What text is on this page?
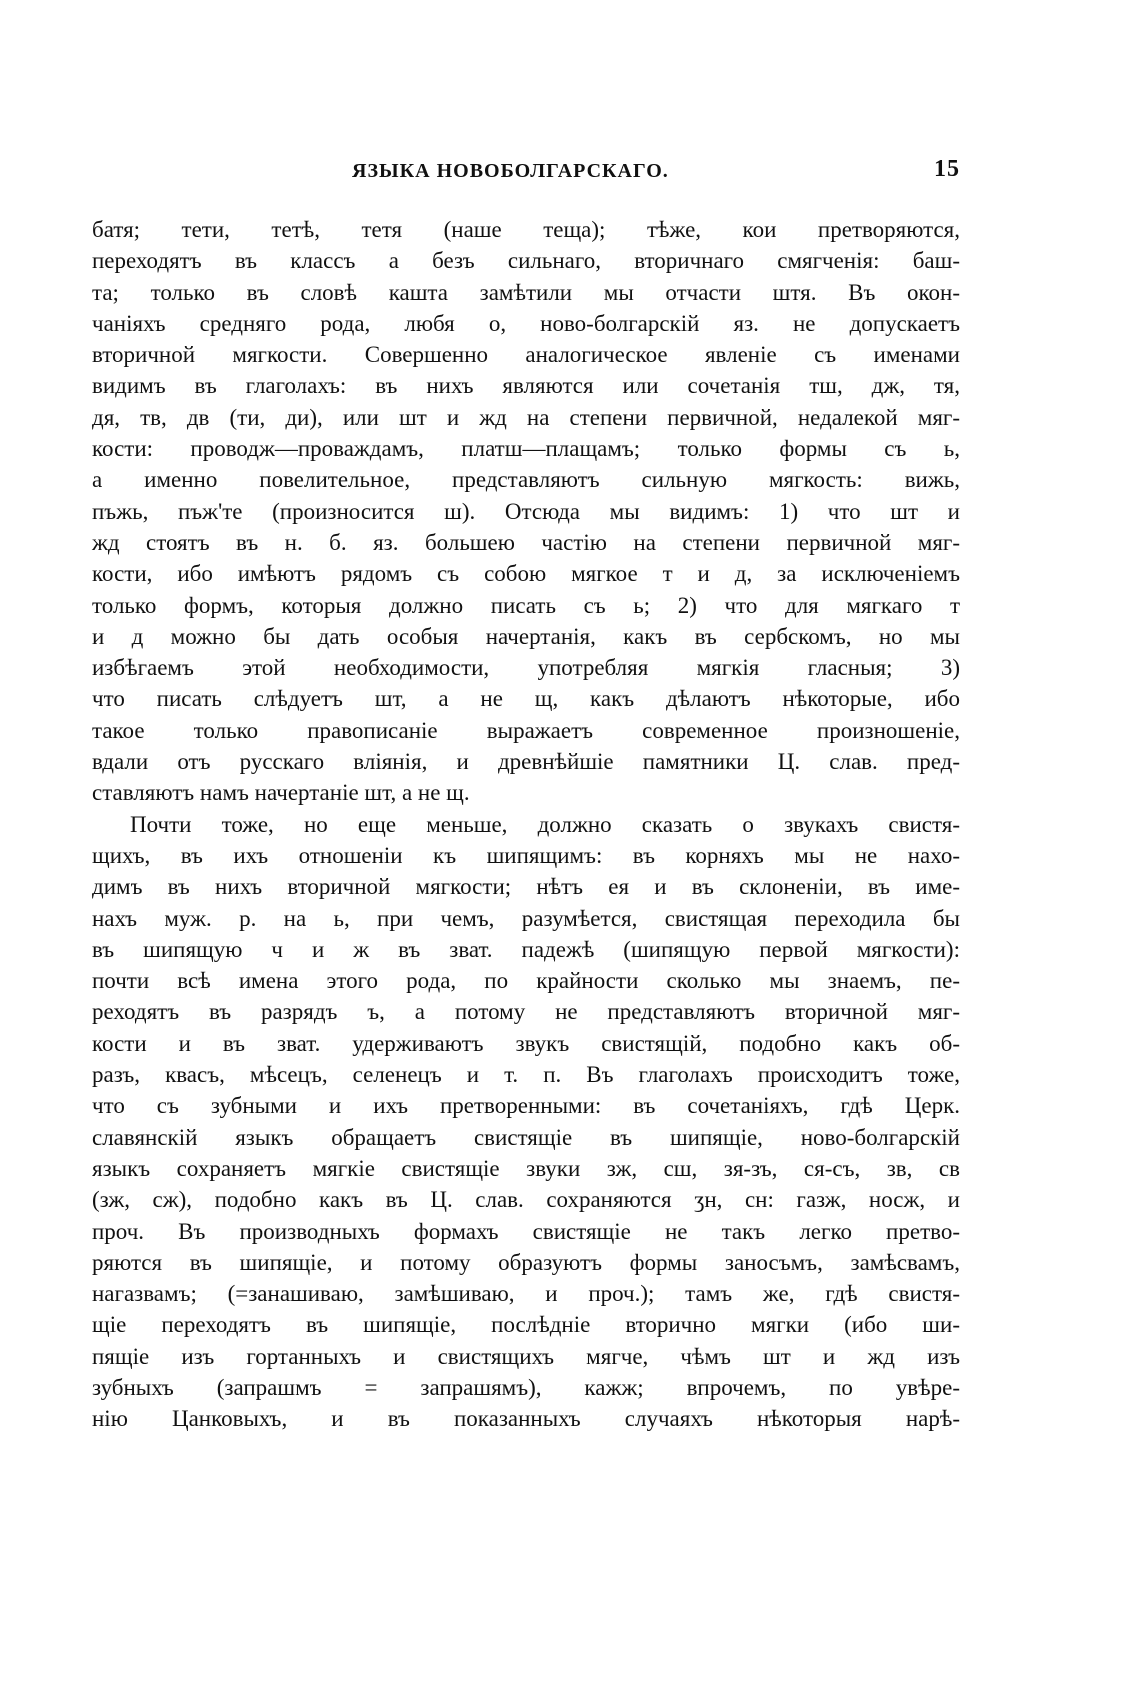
ЯЗЫКА НОВОБОЛГАРСКАГО.	15
батя; тети, тетѣ, тетя (наше теща); тѣже, кои претворяются,
переходятъ въ классъ а безъ сильнаго, вторичнаго смягченія: баш-
та; только въ словѣ кашта замѣтили мы отчасти штя. Въ окон-
чаніяхъ средняго рода, любя о, ново-болгарскій яз. не допускаетъ
вторичной мягкости. Совершенно аналогическое явленіе съ именами
видимъ въ глаголахъ: въ нихъ являются или сочетанія тш, дж, тя,
дя, тв, дв (ти, ди), или шт и жд на степени первичной, недалекой мяг-
кости: проводж—проваждамъ, платш—плащамъ; только формы съ ь,
а именно повелительное, представляютъ сильную мягкость: вижь,
пъжь, пъж'те (произносится ш). Отсюда мы видимъ: 1) что шт и
жд стоятъ въ н. б. яз. большею частію на степени первичной мяг-
кости, ибо имѣютъ рядомъ съ собою мягкое т и д, за исключеніемъ
только формъ, которыя должно писать съ ь; 2) что для мягкаго т
и д можно бы дать особыя начертанія, какъ въ сербскомъ, но мы
избѣгаемъ этой необходимости, употребляя мягкія гласныя; 3)
что писать слѣдуетъ шт, а не щ, какъ дѣлаютъ нѣкоторые, ибо
такое только правописаніе выражаетъ современное произношеніе,
вдали отъ русскаго вліянія, и древнѣйшіе памятники Ц. слав. пред-
ставляютъ намъ начертаніе шт, а не щ.
Почти тоже, но еще меньше, должно сказать о звукахъ свистя-
щихъ, въ ихъ отношеніи къ шипящимъ: въ корняхъ мы не нахо-
димъ въ нихъ вторичной мягкости; нѣтъ ея и въ склоненіи, въ име-
нахъ муж. р. на ь, при чемъ, разумѣется, свистящая переходила бы
въ шипящую ч и ж въ зват. падежѣ (шипящую первой мягкости):
почти всѣ имена этого рода, по крайности сколько мы знаемъ, пе-
реходятъ въ разрядъ ъ, а потому не представляютъ вторичной мяг-
кости и въ зват. удерживаютъ звукъ свистящій, подобно какъ об-
разъ, квасъ, мѣсецъ, селенецъ и т. п. Въ глаголахъ происходитъ тоже,
что съ зубными и ихъ претворенными: въ сочетаніяхъ, гдѣ Церк.
славянскій языкъ обращаетъ свистящіе въ шипящіе, ново-болгарскій
языкъ сохраняетъ мягкіе свистящіе звуки зж, сш, зя-зъ, ся-съ, зв, св
(зж, сж), подобно какъ въ Ц. слав. сохраняются ʒн, сн: газж, носж, и
проч. Въ производныхъ формахъ свистящіе не такъ легко претво-
ряются въ шипящіе, и потому образуютъ формы заносъмъ, замѣсвамъ,
нагазвамъ; (=занашиваю, замѣшиваю, и проч.); тамъ же, гдѣ свистя-
щіе переходятъ въ шипящіе, послѣдніе вторично мягки (ибо ши-
пящіе изъ гортанныхъ и свистящихъ мягче, чѣмъ шт и жд изъ
зубныхъ (запрашмъ = запрашямъ), кажж; впрочемъ, по увѣре-
нію Цанковыхъ, и въ показанныхъ случаяхъ нѣкоторыя нарѣ-
